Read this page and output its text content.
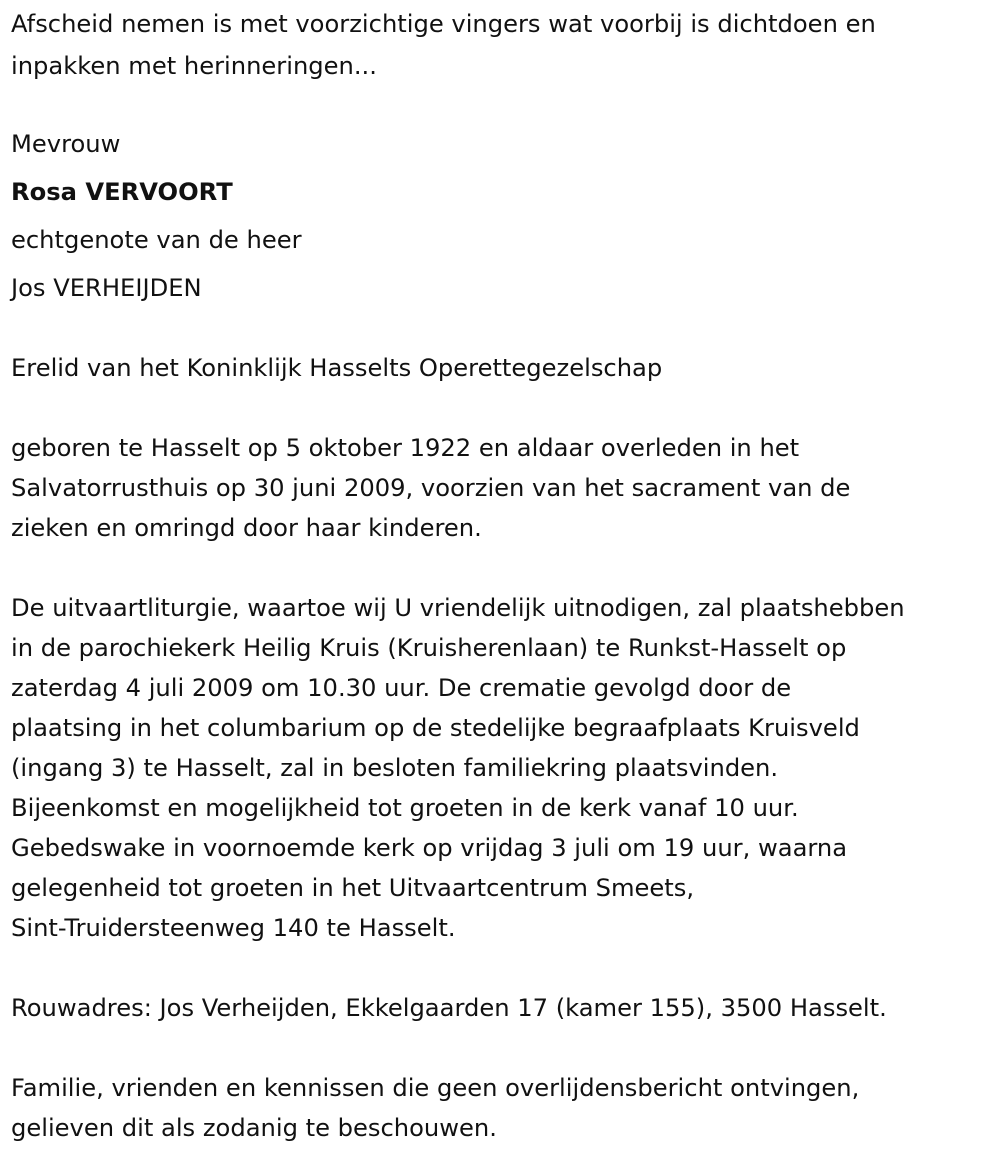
Afscheid nemen is met voorzichtige vingers wat voorbij is dichtdoen en
inpakken met herinneringen...
Mevrouw
Rosa VERVOORT
echtgenote van de heer
Jos VERHEIJDEN
Erelid van het Koninklijk Hasselts Operettegezelschap
geboren te Hasselt op 5 oktober 1922 en aldaar overleden in het
Salvatorrusthuis op 30 juni 2009, voorzien van het sacrament van de
zieken en omringd door haar kinderen.
De uitvaartliturgie, waartoe wij U vriendelijk uitnodigen, zal plaatshebben
in de parochiekerk Heilig Kruis (Kruisherenlaan) te Runkst-Hasselt op
zaterdag 4 juli 2009 om 10.30 uur. De crematie gevolgd door de
plaatsing in het columbarium op de stedelijke begraafplaats Kruisveld
(ingang 3) te Hasselt, zal in besloten familiekring plaatsvinden.
Bijeenkomst en mogelijkheid tot groeten in de kerk vanaf 10 uur.
Gebedswake in voornoemde kerk op vrijdag 3 juli om 19 uur, waarna
gelegenheid tot groeten in het Uitvaartcentrum Smeets,
Sint-Truidersteenweg 140 te Hasselt.
Rouwadres: Jos Verheijden, Ekkelgaarden 17 (kamer 155), 3500 Hasselt.
Familie, vrienden en kennissen die geen overlijdensbericht ontvingen,
gelieven dit als zodanig te beschouwen.
